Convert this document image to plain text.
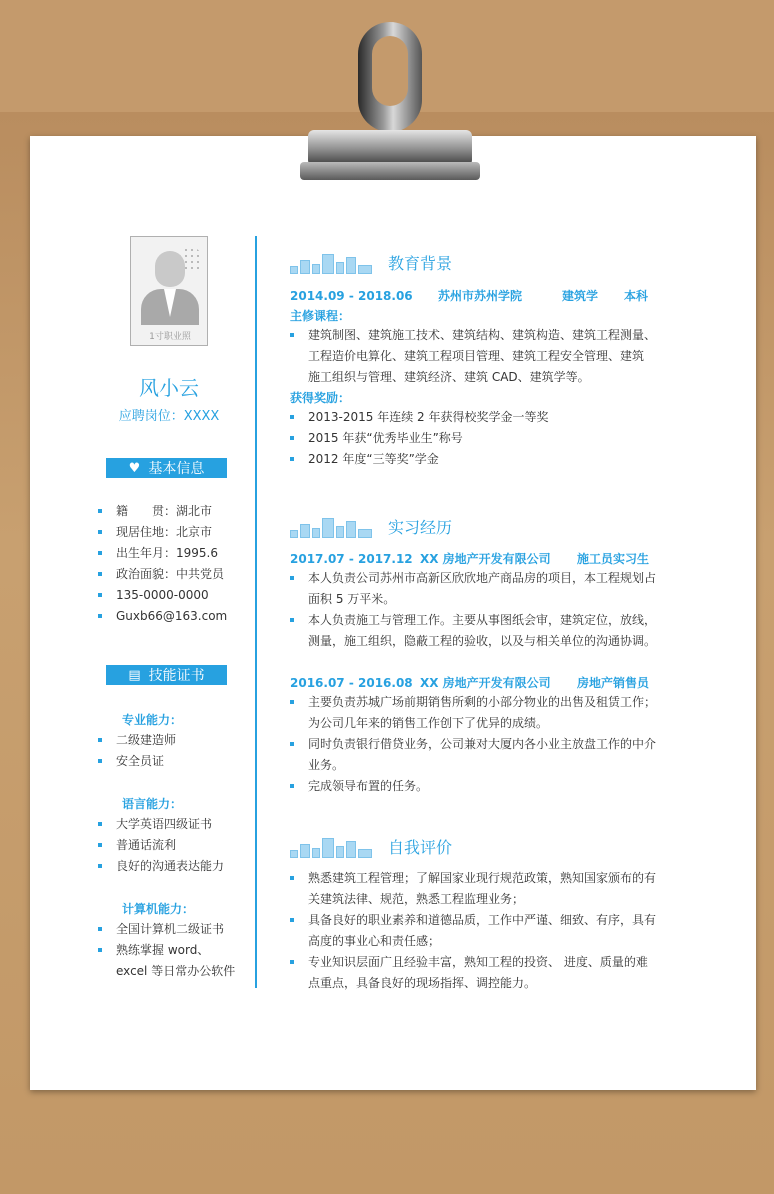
1寸职业照
风小云
应聘岗位：XXXX
♥ 基本信息
籍　　贯：湖北市
现居住地：北京市
出生年月：1995.6
政治面貌：中共党员
135-0000-0000
Guxb66@163.com
▤ 技能证书
专业能力：
二级建造师
安全员证
语言能力：
大学英语四级证书
普通话流利
良好的沟通表达能力
计算机能力：
全国计算机二级证书
熟练掌握 word、excel 等日常办公软件
教育背景
2014.09 - 2018.06 苏州市苏州学院	建筑学 本科
主修课程：
建筑制图、建筑施工技术、建筑结构、建筑构造、建筑工程测量、 工程造价电算化、建筑工程项目管理、建筑工程安全管理、建筑 施工组织与管理、建筑经济、建筑 CAD、建筑学等。
获得奖励：
2013-2015 年连续 2 年获得校奖学金一等奖
2015 年获“优秀毕业生”称号
2012 年度“三等奖”学金
实习经历
2017.07 - 2017.12 XX 房地产开发有限公司 施工员实习生
本人负责公司苏州市高新区欣欣地产商品房的项目，本工程规划占面积 5 万平米。
本人负责施工与管理工作。主要从事图纸会审，建筑定位，放线，测量，施工组织，隐蔽工程的验收，以及与相关单位的沟通协调。
2016.07 - 2016.08 XX 房地产开发有限公司 房地产销售员
主要负责苏城广场前期销售所剩的小部分物业的出售及租赁工作；为公司几年来的销售工作创下了优异的成绩。
同时负责银行借贷业务，公司兼对大厦内各小业主放盘工作的中介业务。
完成领导布置的任务。
自我评价
熟悉建筑工程管理；了解国家业现行规范政策，熟知国家颁布的有关建筑法律、规范，熟悉工程监理业务；
具备良好的职业素养和道德品质，工作中严谨、细致、有序，具有高度的事业心和责任感；
专业知识层面广且经验丰富，熟知工程的投资、 进度、质量的难点重点，具备良好的现场指挥、调控能力。
